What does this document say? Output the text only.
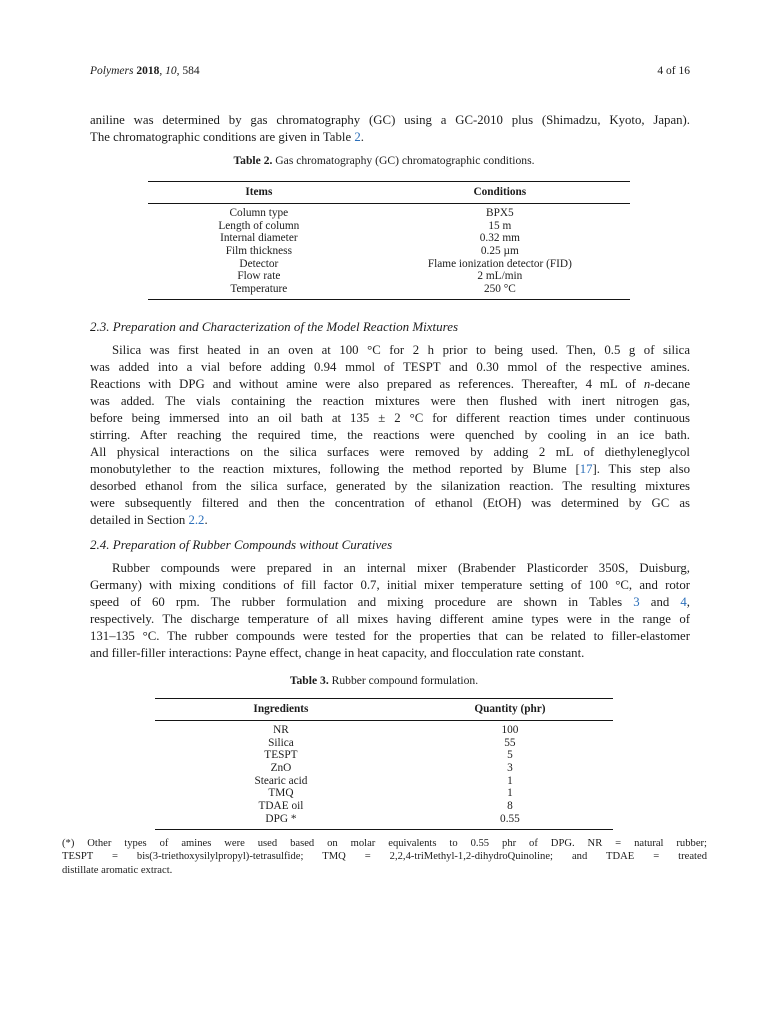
Polymers 2018, 10, 584	4 of 16
aniline was determined by gas chromatography (GC) using a GC-2010 plus (Shimadzu, Kyoto, Japan).
The chromatographic conditions are given in Table 2.
Table 2. Gas chromatography (GC) chromatographic conditions.
Items	Conditions
Column type	BPX5
Length of column	15 m
Internal diameter	0.32 mm
Film thickness	0.25 µm
Detector	Flame ionization detector (FID)
Flow rate	2 mL/min
Temperature	250 °C
2.3. Preparation and Characterization of the Model Reaction Mixtures
Silica was first heated in an oven at 100 °C for 2 h prior to being used. Then, 0.5 g of silica
was added into a vial before adding 0.94 mmol of TESPT and 0.30 mmol of the respective amines.
Reactions with DPG and without amine were also prepared as references. Thereafter, 4 mL of n-decane
was added. The vials containing the reaction mixtures were then flushed with inert nitrogen gas,
before being immersed into an oil bath at 135 ± 2 °C for different reaction times under continuous
stirring. After reaching the required time, the reactions were quenched by cooling in an ice bath.
All physical interactions on the silica surfaces were removed by adding 2 mL of diethyleneglycol
monobutylether to the reaction mixtures, following the method reported by Blume [17]. This step also
desorbed ethanol from the silica surface, generated by the silanization reaction. The resulting mixtures
were subsequently filtered and then the concentration of ethanol (EtOH) was determined by GC as
detailed in Section 2.2.
2.4. Preparation of Rubber Compounds without Curatives
Rubber compounds were prepared in an internal mixer (Brabender Plasticorder 350S, Duisburg,
Germany) with mixing conditions of fill factor 0.7, initial mixer temperature setting of 100 °C, and rotor
speed of 60 rpm. The rubber formulation and mixing procedure are shown in Tables 3 and 4,
respectively. The discharge temperature of all mixes having different amine types were in the range of
131–135 °C. The rubber compounds were tested for the properties that can be related to filler-elastomer
and filler-filler interactions: Payne effect, change in heat capacity, and flocculation rate constant.
Table 3. Rubber compound formulation.
Ingredients	Quantity (phr)
NR	100
Silica	55
TESPT	5
ZnO	3
Stearic acid	1
TMQ	1
TDAE oil	8
DPG *	0.55
(*) Other types of amines were used based on molar equivalents to 0.55 phr of DPG. NR = natural rubber;
TESPT = bis(3-triethoxysilylpropyl)-tetrasulfide; TMQ = 2,2,4-triMethyl-1,2-dihydroQuinoline; and TDAE = treated
distillate aromatic extract.
